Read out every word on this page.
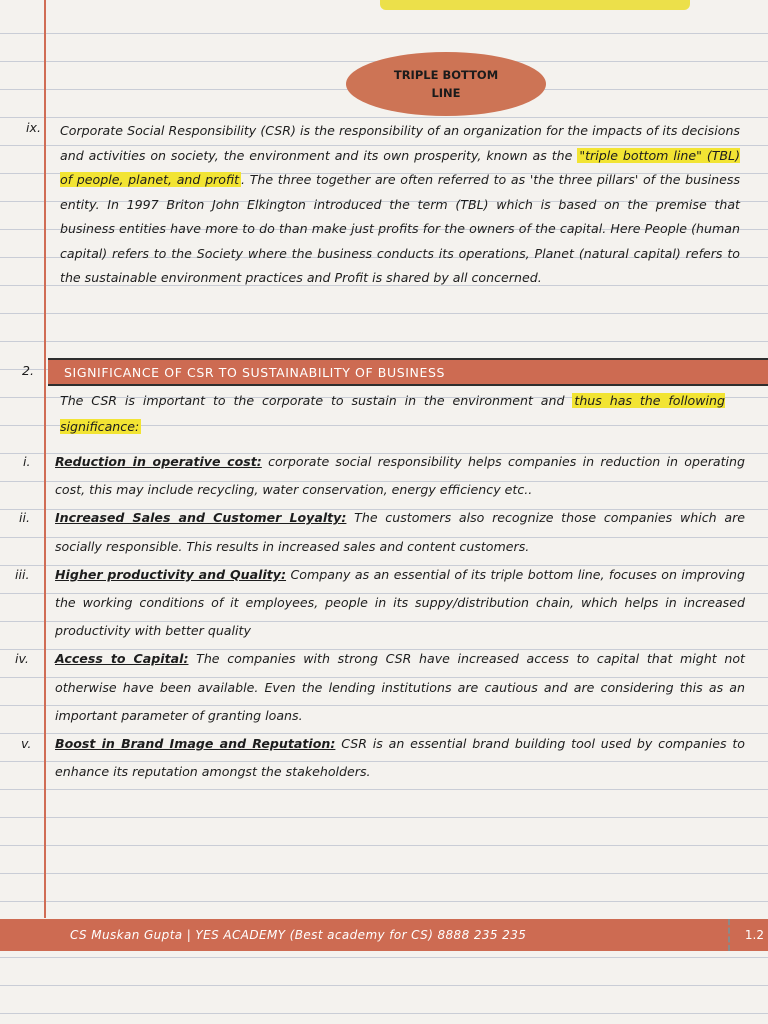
TRIPLE BOTTOM LINE
ix. Corporate Social Responsibility (CSR) is the responsibility of an organization for the impacts of its decisions and activities on society, the environment and its own prosperity, known as the "triple bottom line" (TBL) of people, planet, and profit . The three together are often referred to as 'the three pillars' of the business entity. In 1997 Briton John Elkington introduced the term (TBL) which is based on the premise that business entities have more to do than make just profits for the owners of the capital. Here People (human capital) refers to the Society where the business conducts its operations, Planet (natural capital) refers to the sustainable environment practices and Profit is shared by all concerned.

2. SIGNIFICANCE OF CSR TO SUSTAINABILITY OF BUSINESS

The CSR is important to the corporate to sustain in the environment and thus has the following significance:

i. Reduction in operative cost: corporate social responsibility helps companies in reduction in operating cost, this may include recycling, water conservation, energy efficiency etc..

ii. Increased Sales and Customer Loyalty: The customers also recognize those companies which are socially responsible. This results in increased sales and content customers.

iii. Higher productivity and Quality: Company as an essential of its triple bottom line, focuses on improving the working conditions of it employees, people in its suppy/distribution chain, which helps in increased productivity with better quality

iv. Access to Capital: The companies with strong CSR have increased access to capital that might not otherwise have been available. Even the lending institutions are cautious and are considering this as an important parameter of granting loans.

v. Boost in Brand Image and Reputation: CSR is an essential brand building tool used by companies to enhance its reputation amongst the stakeholders.

CS Muskan Gupta | YES ACADEMY (Best academy for CS) 8888 235 235	1.2
